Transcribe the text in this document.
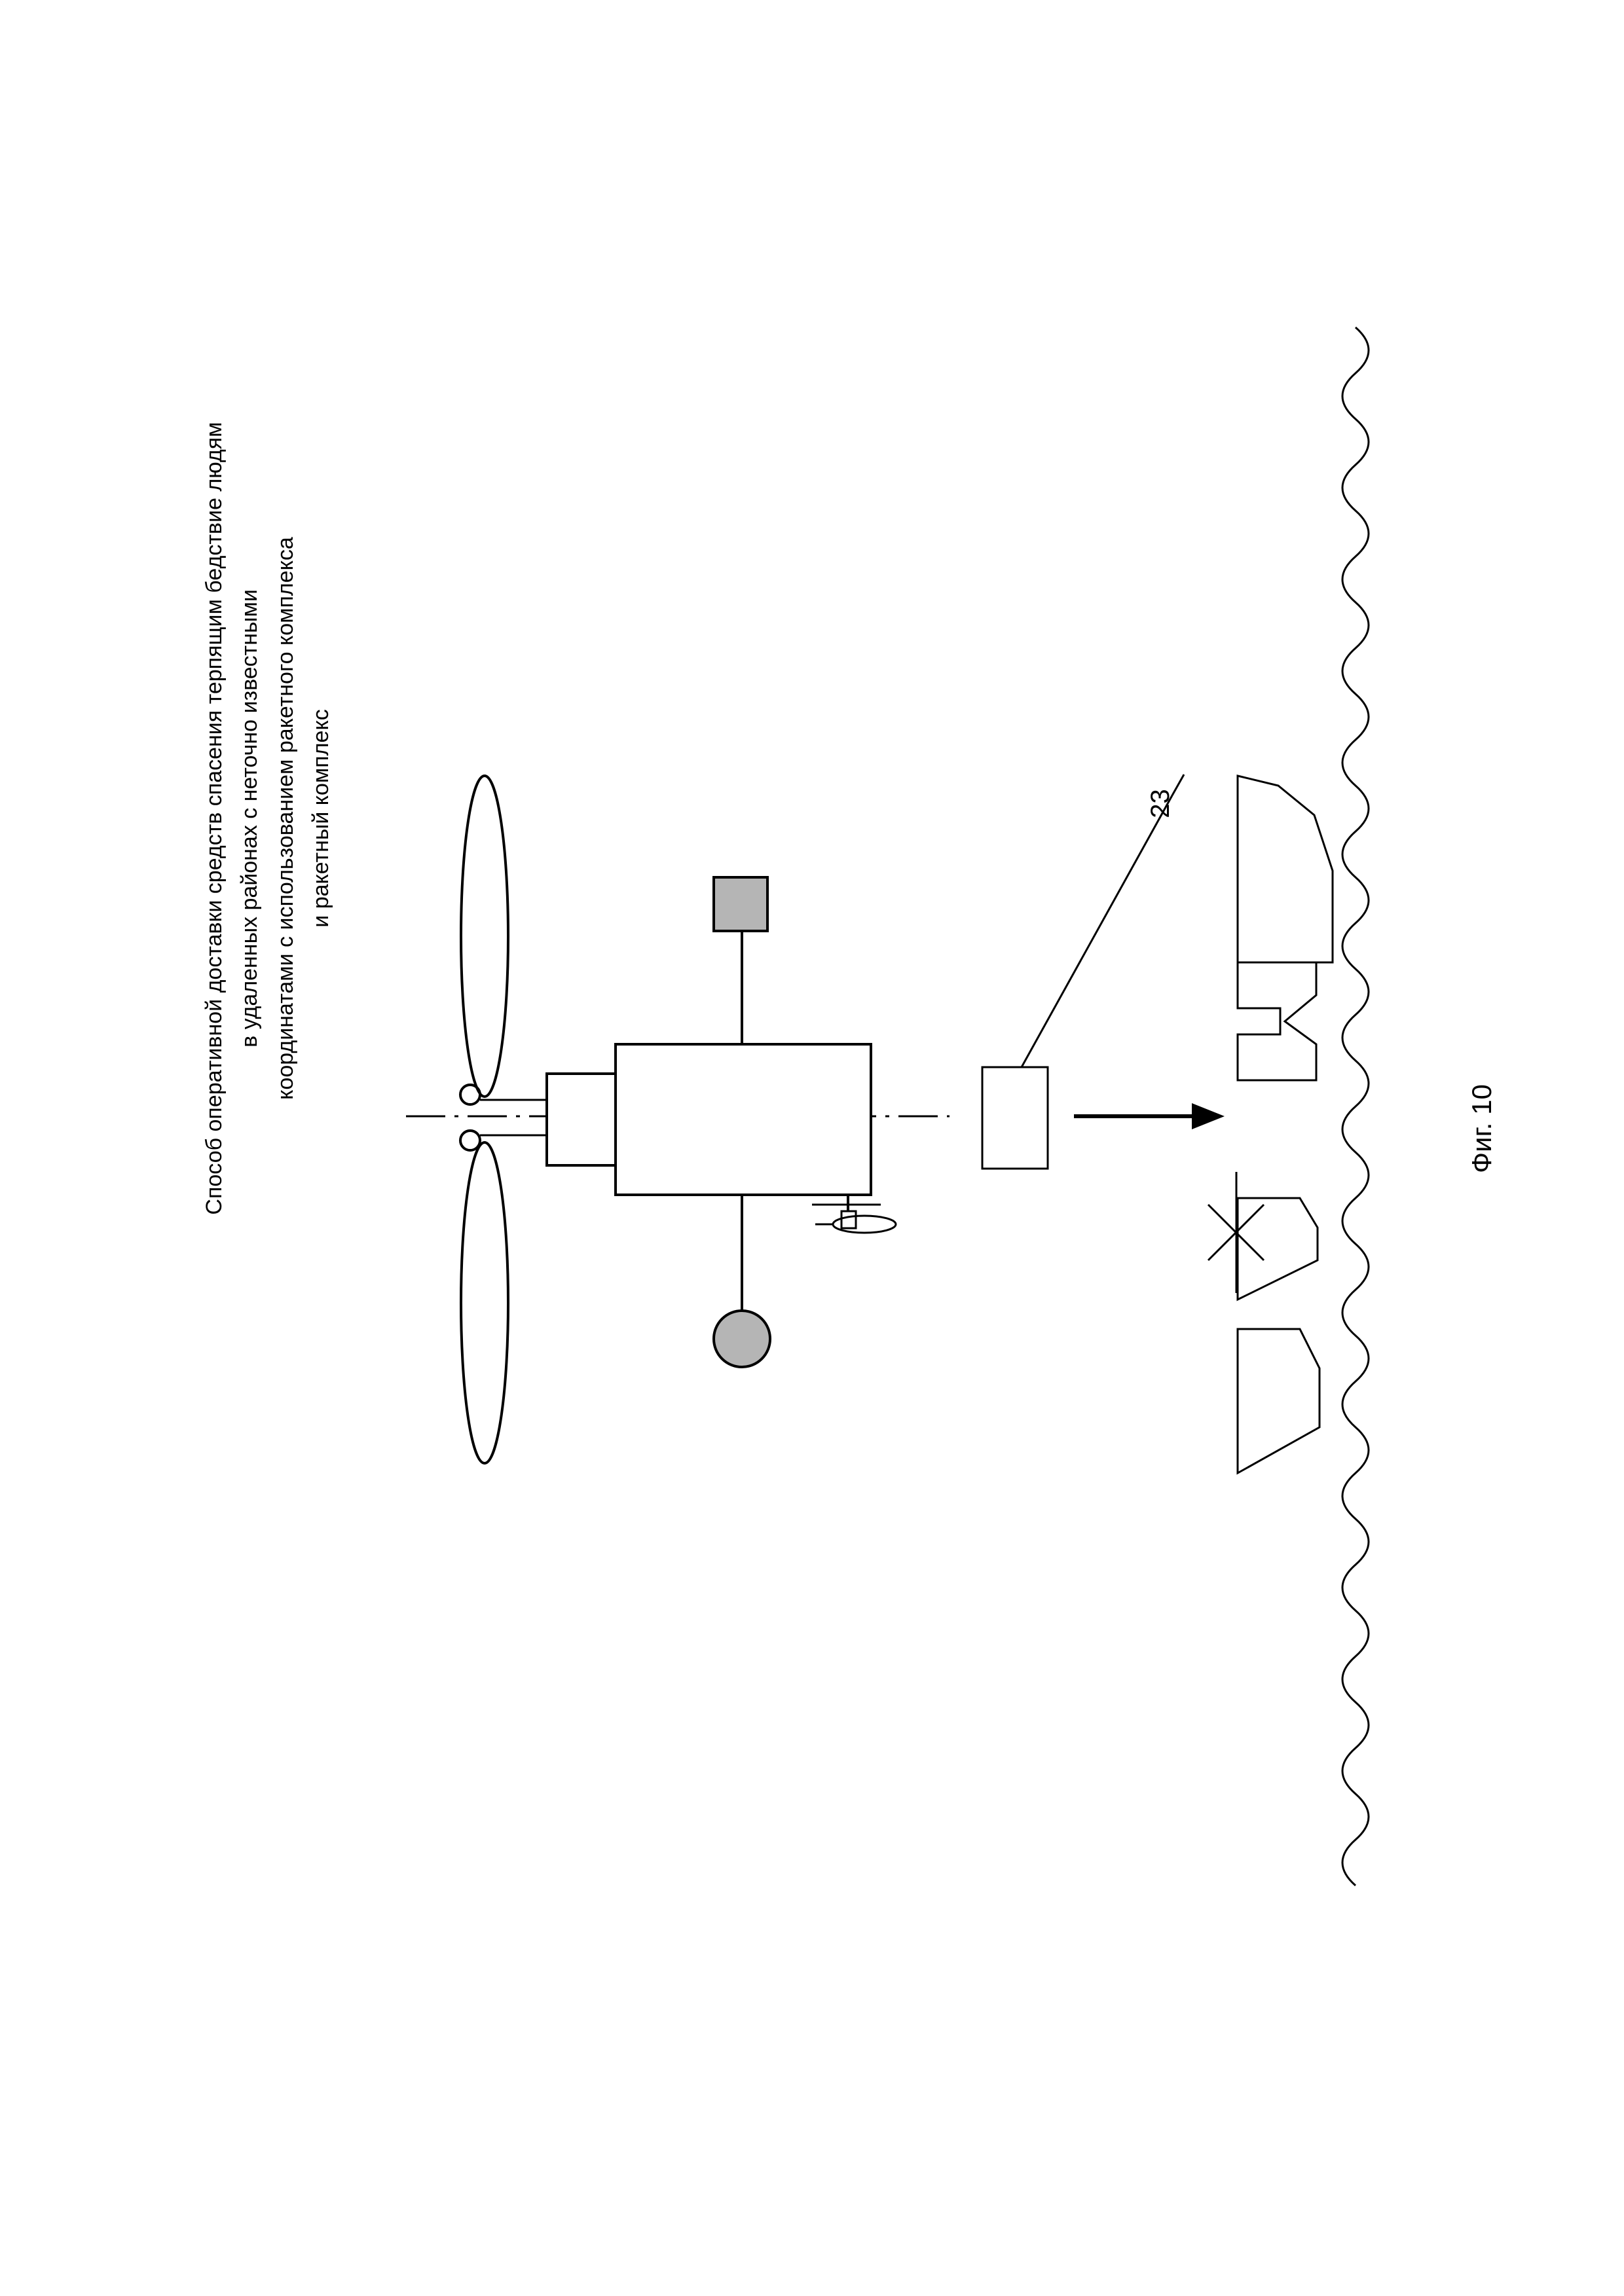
Способ оперативной доставки средств спасения терпящим бедствие людям в удаленных районах с неточно известными координатами с использованием ракетного комплекса и ракетный комплекс	23
Фиг. 10
